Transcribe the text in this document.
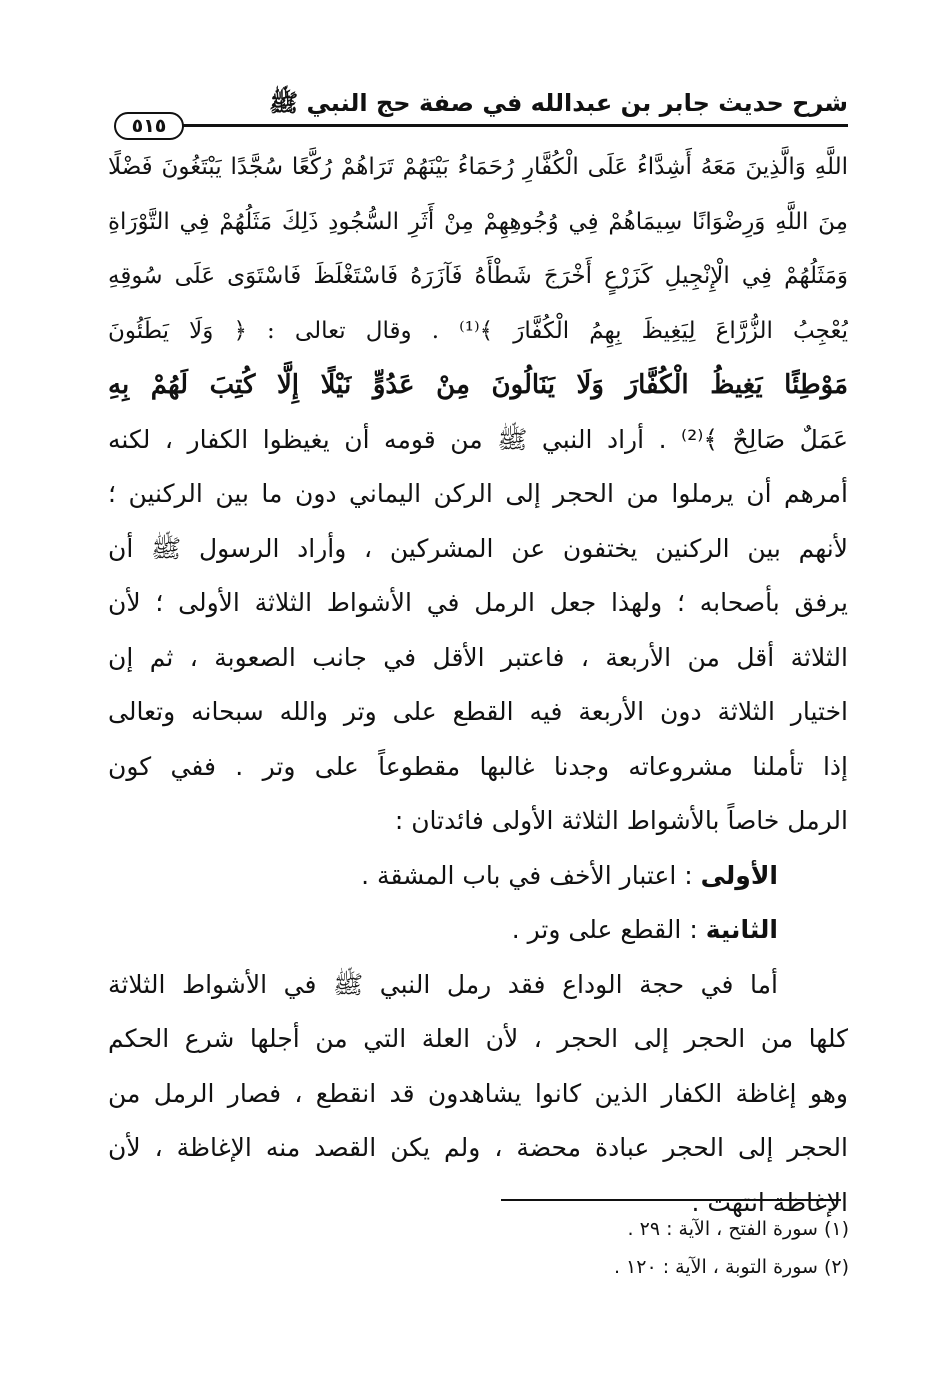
شرح حديث جابر بن عبدالله في صفة حج النبي ﷺ
٥١٥
اللَّهِ وَالَّذِينَ مَعَهُ أَشِدَّاءُ عَلَى الْكُفَّارِ رُحَمَاءُ بَيْنَهُمْ تَرَاهُمْ رُكَّعًا سُجَّدًا يَبْتَغُونَ فَضْلًا
مِنَ اللَّهِ وَرِضْوَانًا سِيمَاهُمْ فِي وُجُوهِهِمْ مِنْ أَثَرِ السُّجُودِ ذَلِكَ مَثَلُهُمْ فِي التَّوْرَاةِ
وَمَثَلُهُمْ فِي الْإِنْجِيلِ كَزَرْعٍ أَخْرَجَ شَطْأَهُ فَآزَرَهُ فَاسْتَغْلَظَ فَاسْتَوَى عَلَى سُوقِهِ
يُعْجِبُ الزُّرَّاعَ لِيَغِيظَ بِهِمُ الْكُفَّارَ ﴾⁽¹⁾ . وقال تعالى : ﴿ وَلَا يَطَئُونَ
مَوْطِئًا يَغِيظُ الْكُفَّارَ وَلَا يَنَالُونَ مِنْ عَدُوٍّ نَيْلًا إِلَّا كُتِبَ لَهُمْ بِهِ
عَمَلٌ صَالِحٌ ﴾⁽²⁾ . أراد النبي ﷺ من قومه أن يغيظوا الكفار ، لكنه
أمرهم أن يرملوا من الحجر إلى الركن اليماني دون ما بين الركنين ؛
لأنهم بين الركنين يختفون عن المشركين ، وأراد الرسول ﷺ أن
يرفق بأصحابه ؛ ولهذا جعل الرمل في الأشواط الثلاثة الأولى ؛ لأن
الثلاثة أقل من الأربعة ، فاعتبر الأقل في جانب الصعوبة ، ثم إن
اختيار الثلاثة دون الأربعة فيه القطع على وتر والله سبحانه وتعالى
إذا تأملنا مشروعاته وجدنا غالبها مقطوعاً على وتر . ففي كون
الرمل خاصاً بالأشواط الثلاثة الأولى فائدتان :
الأولى : اعتبار الأخف في باب المشقة .
الثانية : القطع على وتر .
أما في حجة الوداع فقد رمل النبي ﷺ في الأشواط الثلاثة
كلها من الحجر إلى الحجر ، لأن العلة التي من أجلها شرع الحكم
وهو إغاظة الكفار الذين كانوا يشاهدون قد انقطع ، فصار الرمل من
الحجر إلى الحجر عبادة محضة ، ولم يكن القصد منه الإغاظة ، لأن
الإغاظة انتهت .
(١)سورة الفتح ، الآية : ٢٩ .
(٢)سورة التوبة ، الآية : ١٢٠ .
